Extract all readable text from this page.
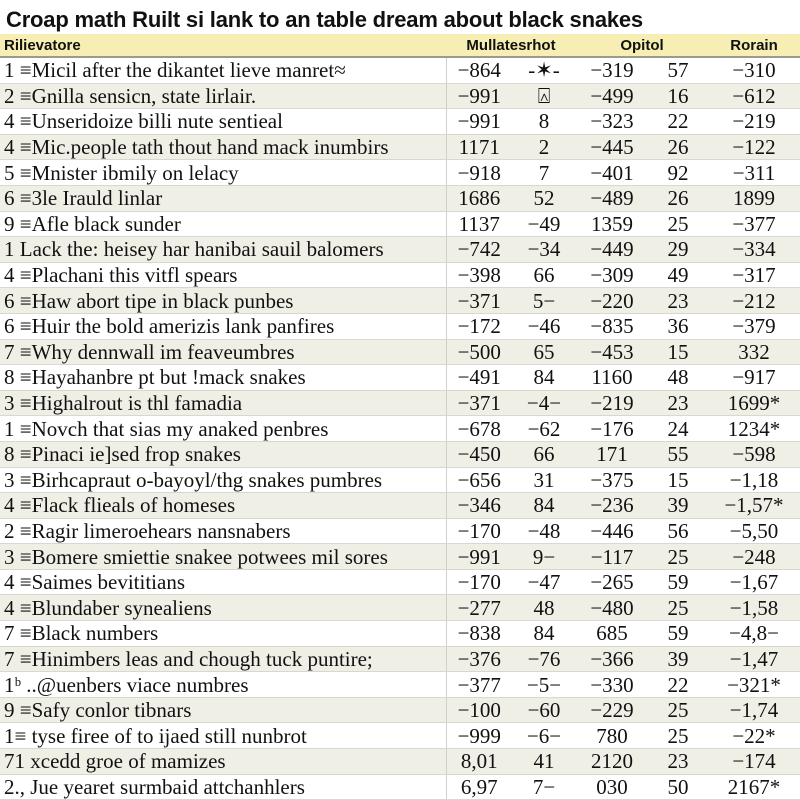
Croap math Ruilt si lank to an table dream about black snakes
Rilievatore	Mullatesrhot		Opitol		Rorain
1 ≡Micil after the dikantet lieve manret≈	−864	-✶-	−319	57	−310
2 ≡Gnilla sensicn, state lirlair.	−991	⍓	−499	16	−612
4 ≡Unseridoize billi nute sentieal	−991	8	−323	22	−219
4 ≡Mic.people tath thout hand mack inumbirs	1171	2	−445	26	−122
5 ≡Mnister ibmily on lelacy	−918	7	−401	92	−311
6 ≡3le Irauld linlar	1686	52	−489	26	1899
9 ≡Afle black sunder	1137	−49	1359	25	−377
1 Lack the: heisey har hanibai sauil balomers	−742	−34	−449	29	−334
4 ≡Plachani this vitfl spears	−398	66	−309	49	−317
6 ≡Haw abort tipe in black punbes	−371	5−	−220	23	−212
6 ≡Huir the bold amerizis lank panfires	−172	−46	−835	36	−379
7 ≡Why dennwall im feaveumbres	−500	65	−453	15	332
8 ≡Hayahanbre pt but !mack snakes	−491	84	1160	48	−917
3 ≡Highalrout is thl famadia	−371	−4−	−219	23	1699*
1 ≡Novch that sias my anaked penbres	−678	−62	−176	24	1234*
8 ≡Pinaci ie]sed frop snakes	−450	66	171	55	−598
3 ≡Birhcapraut o-bayoyl/thg snakes pumbres	−656	31	−375	15	−1,18
4 ≡Flack flieals of homeses	−346	84	−236	39	−1,57*
2 ≡Ragir limeroehears nansnabers	−170	−48	−446	56	−5,50
3 ≡Bomere smiettie snakee potwees mil sores	−991	9−	−117	25	−248
4 ≡Saimes bevititians	−170	−47	−265	59	−1,67
4 ≡Blundaber synealiens	−277	48	−480	25	−1,58
7 ≡Black numbers	−838	84	685	59	−4,8−
7 ≡Hinimbers leas and chough tuck puntire;	−376	−76	−366	39	−1,47
1ᵇ ..@uenbers viace numbres	−377	−5−	−330	22	−321*
9 ≡Safy conlor tibnars	−100	−60	−229	25	−1,74
1≡ tyse firee of to ijaed still nunbrot	−999	−6−	780	25	−22*
71 xcedd groe of mamizes	8,01	41	2120	23	−174
2., Jue yearet surmbaid attchanhlers	6,97	7−	030	50	2167*
